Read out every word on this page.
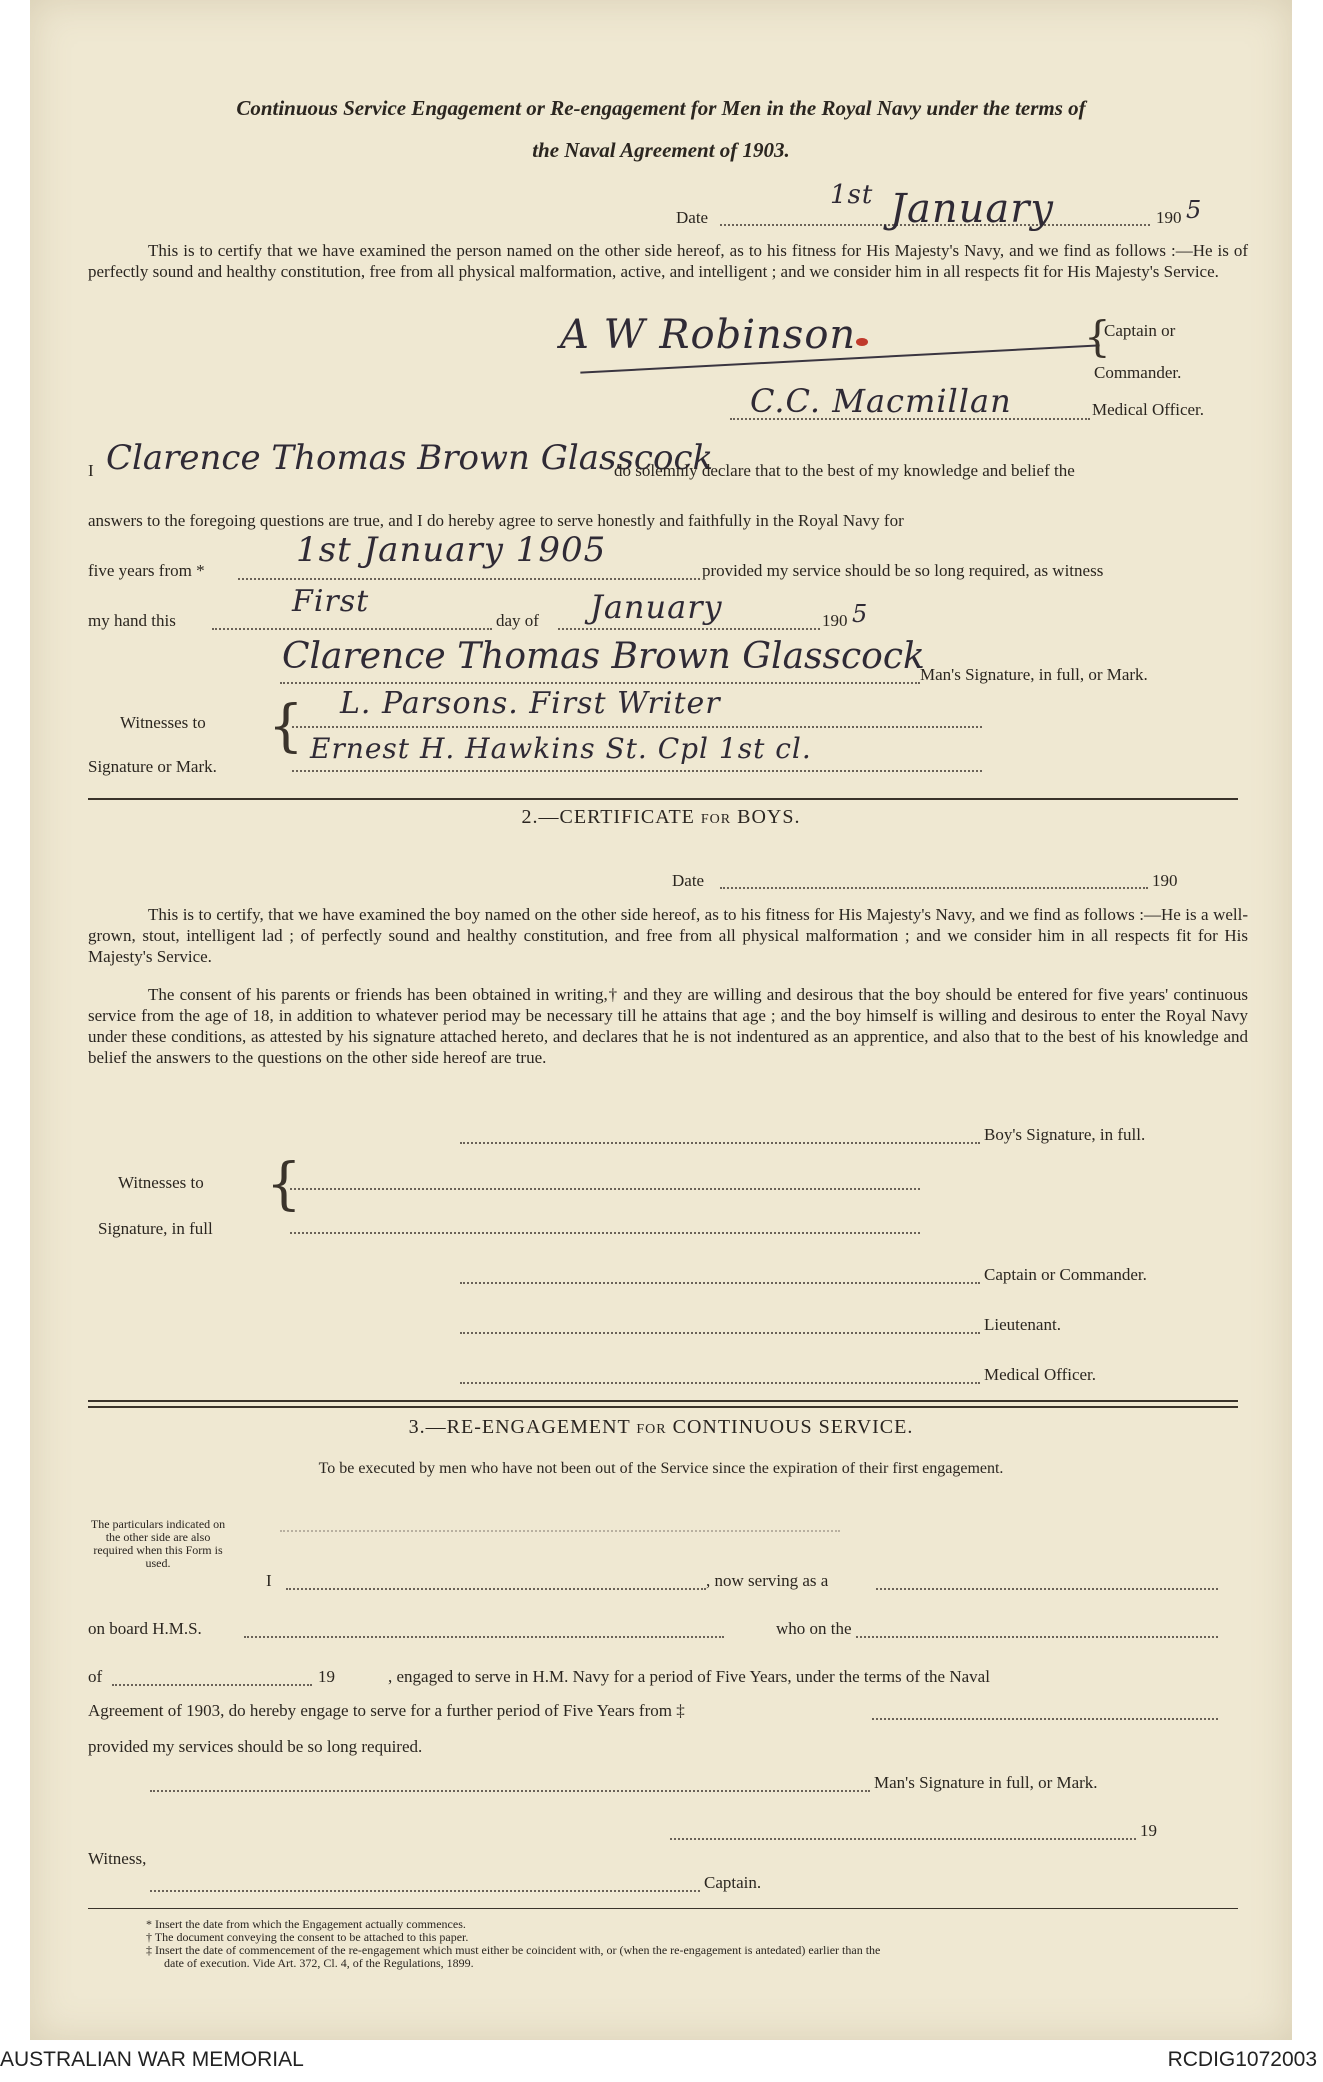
Continuous Service Engagement or Re-engagement for Men in the Royal Navy under the terms of
the Naval Agreement of 1903.
Date
1st January	190 5
This is to certify that we have examined the person named on the other side hereof, as to his fitness for His Majesty's Navy, and we find as follows :—He is of perfectly sound and healthy constitution, free from all physical malformation, active, and intelligent ; and we consider him in all respects fit for His Majesty's Service.
A W Robinson	{
Captain or
Commander.
C.C. Macmillan	Medical Officer.
I Clarence Thomas Brown Glasscock
do solemnly declare that to the best of my knowledge and belief the
answers to the foregoing questions are true, and I do hereby agree to serve honestly and faithfully in the Royal Navy for
five years from *
1st January 1905
provided my service should be so long required, as witness
my hand this
First
day of January	190 5
Clarence Thomas Brown Glasscock
Man's Signature, in full, or Mark.
Witnesses to
Signature or Mark.
{ L. Parsons. First Writer
Ernest H. Hawkins St. Cpl 1st cl.
2.—CERTIFICATE FOR BOYS.
Date	190
This is to certify, that we have examined the boy named on the other side hereof, as to his fitness for His Majesty's Navy, and we find as follows :—He is a well-grown, stout, intelligent lad ; of perfectly sound and healthy constitution, and free from all physical malformation ; and we consider him in all respects fit for His Majesty's Service.
The consent of his parents or friends has been obtained in writing,† and they are willing and desirous that the boy should be entered for five years' continuous service from the age of 18, in addition to whatever period may be necessary till he attains that age ; and the boy himself is willing and desirous to enter the Royal Navy under these conditions, as attested by his signature attached hereto, and declares that he is not indentured as an apprentice, and also that to the best of his knowledge and belief the answers to the questions on the other side hereof are true.
Boy's Signature, in full.
Witnesses to
Signature, in full
{
Captain or Commander.
Lieutenant.
Medical Officer.
3.—RE-ENGAGEMENT FOR CONTINUOUS SERVICE.
To be executed by men who have not been out of the Service since the expiration of their first engagement.
The particulars indicated on the other side are also required when this Form is used.
I	, now serving as a
on board H.M.S.	who on the
of	19	, engaged to serve in H.M. Navy for a period of Five Years, under the terms of the Naval
Agreement of 1903, do hereby engage to serve for a further period of Five Years from ‡
provided my services should be so long required.
Man's Signature in full, or Mark.
19
Witness,
Captain.
* Insert the date from which the Engagement actually commences.
† The document conveying the consent to be attached to this paper.
‡ Insert the date of commencement of the re-engagement which must either be coincident with, or (when the re-engagement is antedated) earlier than the
date of execution. Vide Art. 372, Cl. 4, of the Regulations, 1899.
AUSTRALIAN WAR MEMORIAL	RCDIG1072003
